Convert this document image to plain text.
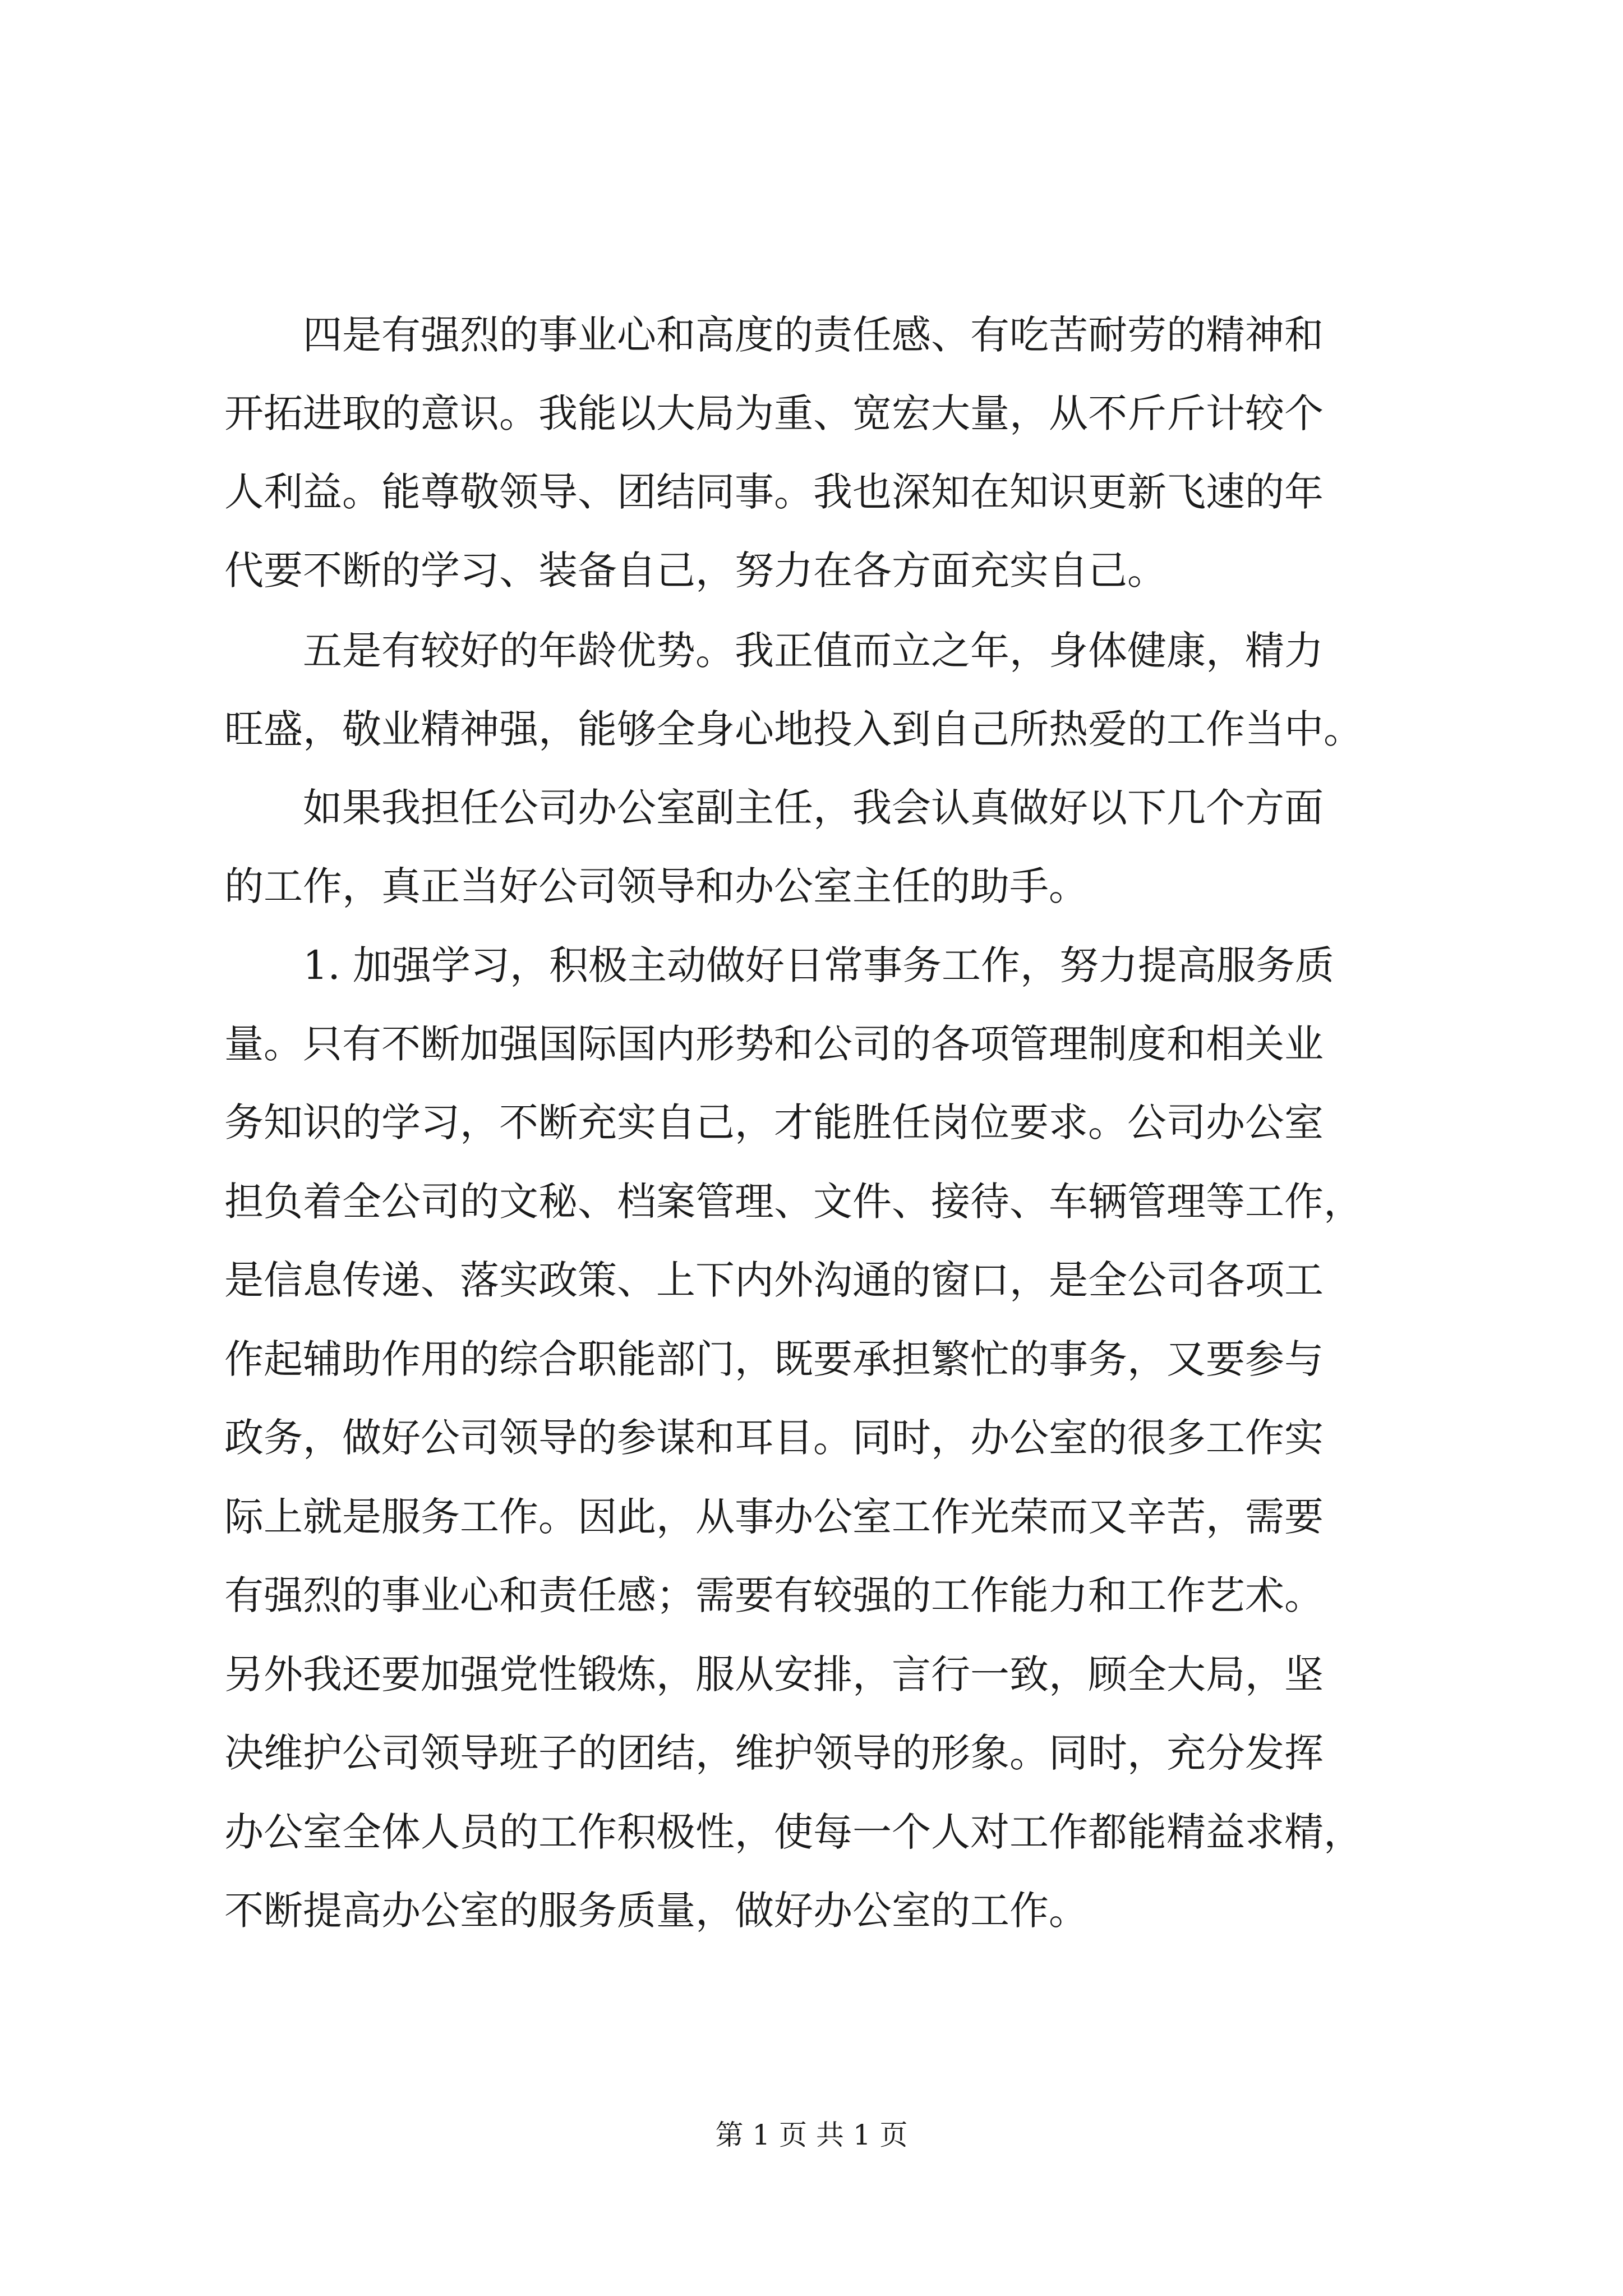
四是有强烈的事业心和高度的责任感、有吃苦耐劳的精神和

开拓进取的意识。我能以大局为重、宽宏大量，从不斤斤计较个

人利益。能尊敬领导、团结同事。我也深知在知识更新飞速的年

代要不断的学习、装备自己，努力在各方面充实自己。

五是有较好的年龄优势。我正值而立之年，身体健康，精力

旺盛，敬业精神强，能够全身心地投入到自己所热爱的工作当中。

如果我担任公司办公室副主任，我会认真做好以下几个方面

的工作，真正当好公司领导和办公室主任的助手。

1. 加强学习，积极主动做好日常事务工作，努力提高服务质

量。只有不断加强国际国内形势和公司的各项管理制度和相关业

务知识的学习，不断充实自己，才能胜任岗位要求。公司办公室

担负着全公司的文秘、档案管理、文件、接待、车辆管理等工作，

是信息传递、落实政策、上下内外沟通的窗口，是全公司各项工

作起辅助作用的综合职能部门，既要承担繁忙的事务，又要参与

政务，做好公司领导的参谋和耳目。同时，办公室的很多工作实

际上就是服务工作。因此，从事办公室工作光荣而又辛苦，需要

有强烈的事业心和责任感；需要有较强的工作能力和工作艺术。

另外我还要加强党性锻炼，服从安排，言行一致，顾全大局，坚

决维护公司领导班子的团结，维护领导的形象。同时，充分发挥

办公室全体人员的工作积极性，使每一个人对工作都能精益求精，

不断提高办公室的服务质量，做好办公室的工作。

第 1 页 共 1 页
